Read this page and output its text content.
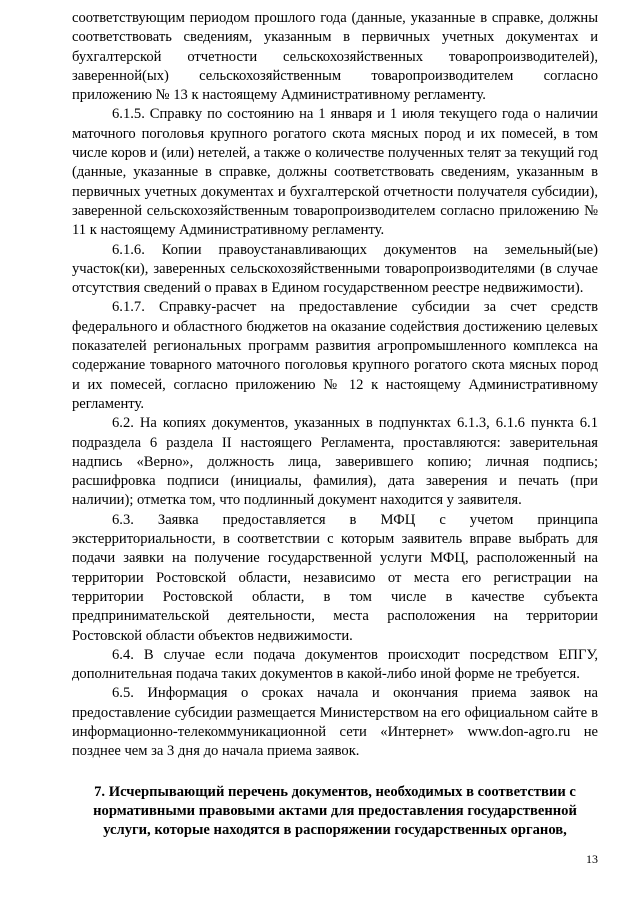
соответствующим периодом прошлого года (данные, указанные в справке, должны соответствовать сведениям, указанным в первичных учетных документах и бухгалтерской отчетности сельскохозяйственных товаропроизводителей), заверенной(ых) сельскохозяйственным товаропроизводителем согласно приложению № 13 к настоящему Административному регламенту.

6.1.5. Справку по состоянию на 1 января и 1 июля текущего года о наличии маточного поголовья крупного рогатого скота мясных пород и их помесей, в том числе коров и (или) нетелей, а также о количестве полученных телят за текущий год (данные, указанные в справке, должны соответствовать сведениям, указанным в первичных учетных документах и бухгалтерской отчетности получателя субсидии), заверенной сельскохозяйственным товаропроизводителем согласно приложению № 11 к настоящему Административному регламенту.

6.1.6. Копии правоустанавливающих документов на земельный(ые) участок(ки), заверенных сельскохозяйственными товаропроизводителями (в случае отсутствия сведений о правах в Едином государственном реестре недвижимости).

6.1.7. Справку-расчет на предоставление субсидии за счет средств федерального и областного бюджетов на оказание содействия достижению целевых показателей региональных программ развития агропромышленного комплекса на содержание товарного маточного поголовья крупного рогатого скота мясных пород и их помесей, согласно приложению № 12 к настоящему Административному регламенту.

6.2. На копиях документов, указанных в подпунктах 6.1.3, 6.1.6 пункта 6.1 подраздела 6 раздела II настоящего Регламента, проставляются: заверительная надпись «Верно», должность лица, заверившего копию; личная подпись; расшифровка подписи (инициалы, фамилия), дата заверения и печать (при наличии); отметка том, что подлинный документ находится у заявителя.

6.3. Заявка предоставляется в МФЦ с учетом принципа экстерриториальности, в соответствии с которым заявитель вправе выбрать для подачи заявки на получение государственной услуги МФЦ, расположенный на территории Ростовской области, независимо от места его регистрации на территории Ростовской области, в том числе в качестве субъекта предпринимательской деятельности, места расположения на территории Ростовской области объектов недвижимости.

6.4. В случае если подача документов происходит посредством ЕПГУ, дополнительная подача таких документов в какой-либо иной форме не требуется.

6.5. Информация о сроках начала и окончания приема заявок на предоставление субсидии размещается Министерством на его официальном сайте в информационно-телекоммуникационной сети «Интернет» www.don-agro.ru не позднее чем за 3 дня до начала приема заявок.

7. Исчерпывающий перечень документов, необходимых в соответствии с нормативными правовыми актами для предоставления государственной услуги, которые находятся в распоряжении государственных органов,

13
